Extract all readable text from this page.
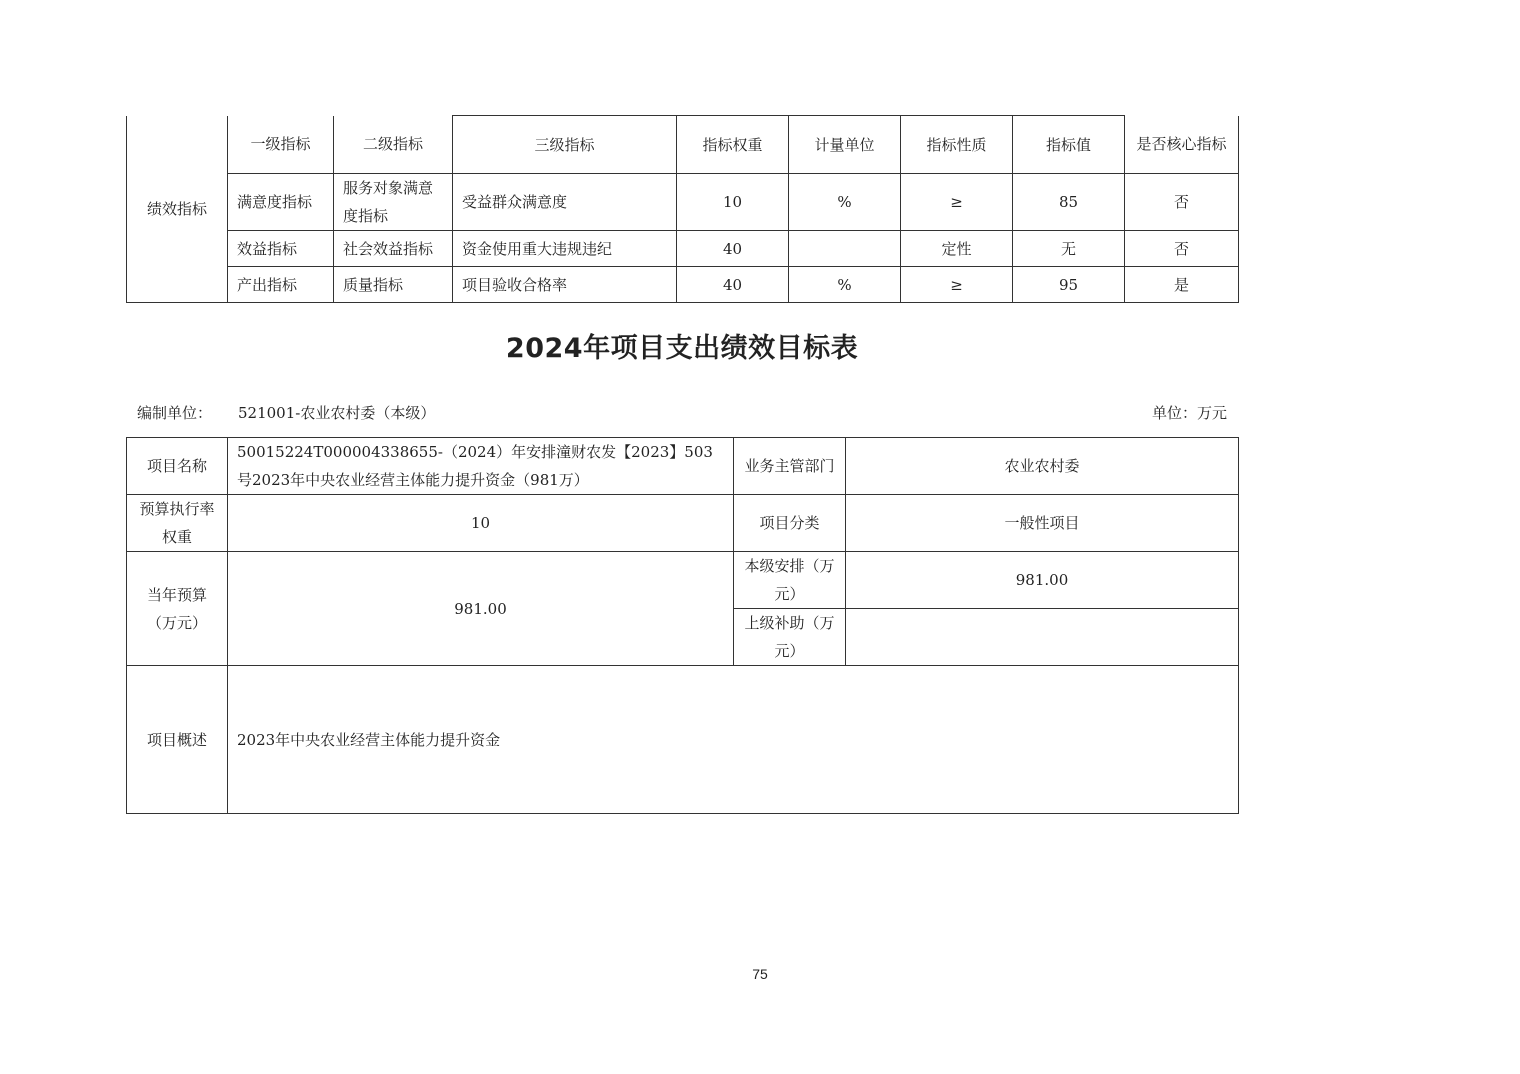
绩效指标	一级指标	二级指标	三级指标	指标权重	计量单位	指标性质	指标值	是否核心指标
	满意度指标	服务对象满意度指标	受益群众满意度	10	%	≥	85	否
	效益指标	社会效益指标	资金使用重大违规违纪	40		定性	无	否
	产出指标	质量指标	项目验收合格率	40	%	≥	95	是
2024年项目支出绩效目标表
编制单位： 521001-农业农村委（本级）	单位：万元
项目名称	50015224T000004338655-（2024）年安排潼财农发【2023】503号2023年中央农业经营主体能力提升资金（981万）	业务主管部门	农业农村委
预算执行率权重	10	项目分类	一般性项目
当年预算（万元）	981.00	本级安排（万元）	981.00
		上级补助（万元）	
项目概述	2023年中央农业经营主体能力提升资金		
75
